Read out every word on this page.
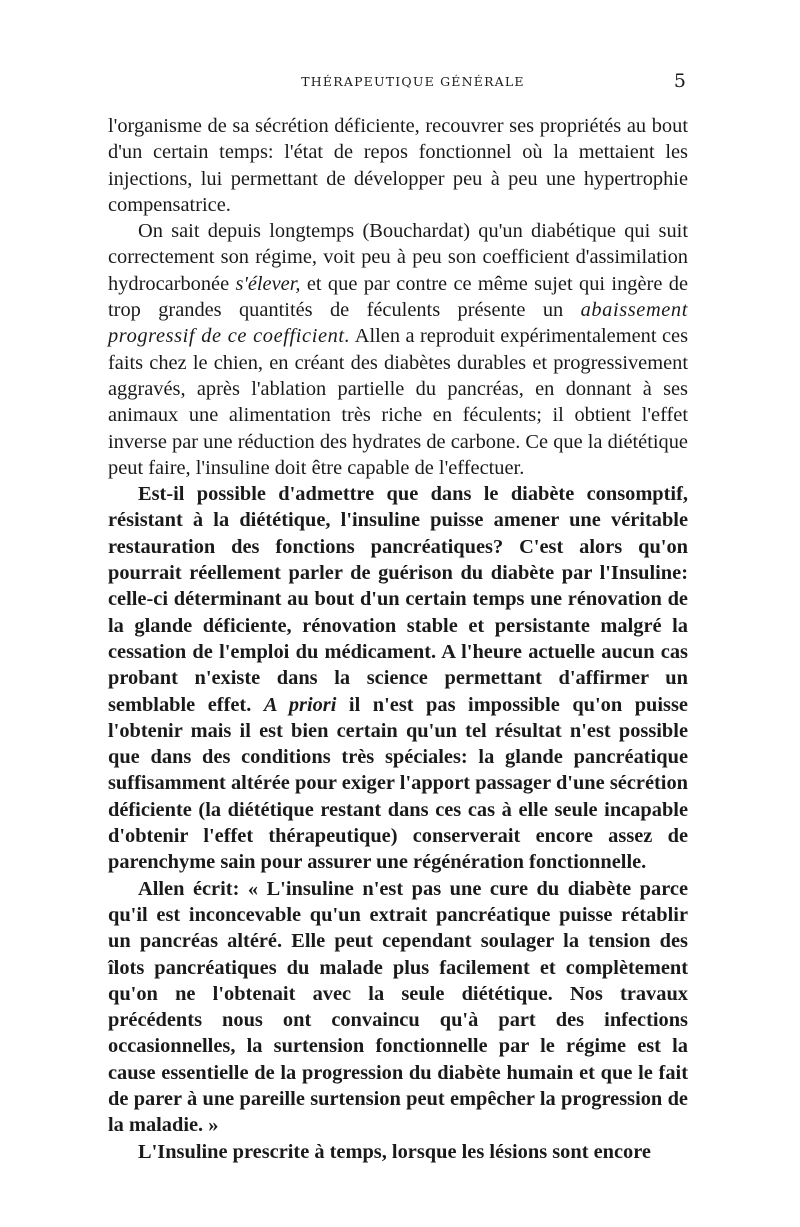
THÉRAPEUTIQUE GÉNÉRALE	5

l'organisme de sa sécrétion déficiente, recouvrer ses propriétés au bout d'un certain temps: l'état de repos fonctionnel où la mettaient les injections, lui permettant de développer peu à peu une hypertrophie compensatrice.

On sait depuis longtemps (Bouchardat) qu'un diabétique qui suit correctement son régime, voit peu à peu son coefficient d'assimilation hydrocarbonée s'élever, et que par contre ce même sujet qui ingère de trop grandes quantités de féculents présente un abaissement progressif de ce coefficient. Allen a reproduit expérimentalement ces faits chez le chien, en créant des diabètes durables et progressivement aggravés, après l'ablation partielle du pancréas, en donnant à ses animaux une alimentation très riche en féculents; il obtient l'effet inverse par une réduction des hydrates de carbone. Ce que la diététique peut faire, l'insuline doit être capable de l'effectuer.

Est-il possible d'admettre que dans le diabète consomptif, résistant à la diététique, l'insuline puisse amener une véritable restauration des fonctions pancréatiques? C'est alors qu'on pourrait réellement parler de guérison du diabète par l'Insuline: celle-ci déterminant au bout d'un certain temps une rénovation de la glande déficiente, rénovation stable et persistante malgré la cessation de l'emploi du médicament. A l'heure actuelle aucun cas probant n'existe dans la science permettant d'affirmer un semblable effet. A priori il n'est pas impossible qu'on puisse l'obtenir mais il est bien certain qu'un tel résultat n'est possible que dans des conditions très spéciales: la glande pancréatique suffisamment altérée pour exiger l'apport passager d'une sécrétion déficiente (la diététique restant dans ces cas à elle seule incapable d'obtenir l'effet thérapeutique) conserverait encore assez de parenchyme sain pour assurer une régénération fonctionnelle.

Allen écrit: « L'insuline n'est pas une cure du diabète parce qu'il est inconcevable qu'un extrait pancréatique puisse rétablir un pancréas altéré. Elle peut cependant soulager la tension des îlots pancréatiques du malade plus facilement et complètement qu'on ne l'obtenait avec la seule diététique. Nos travaux précédents nous ont convaincu qu'à part des infections occasionnelles, la surtension fonctionnelle par le régime est la cause essentielle de la progression du diabète humain et que le fait de parer à une pareille surtension peut empêcher la progression de la maladie. »

L'Insuline prescrite à temps, lorsque les lésions sont encore
